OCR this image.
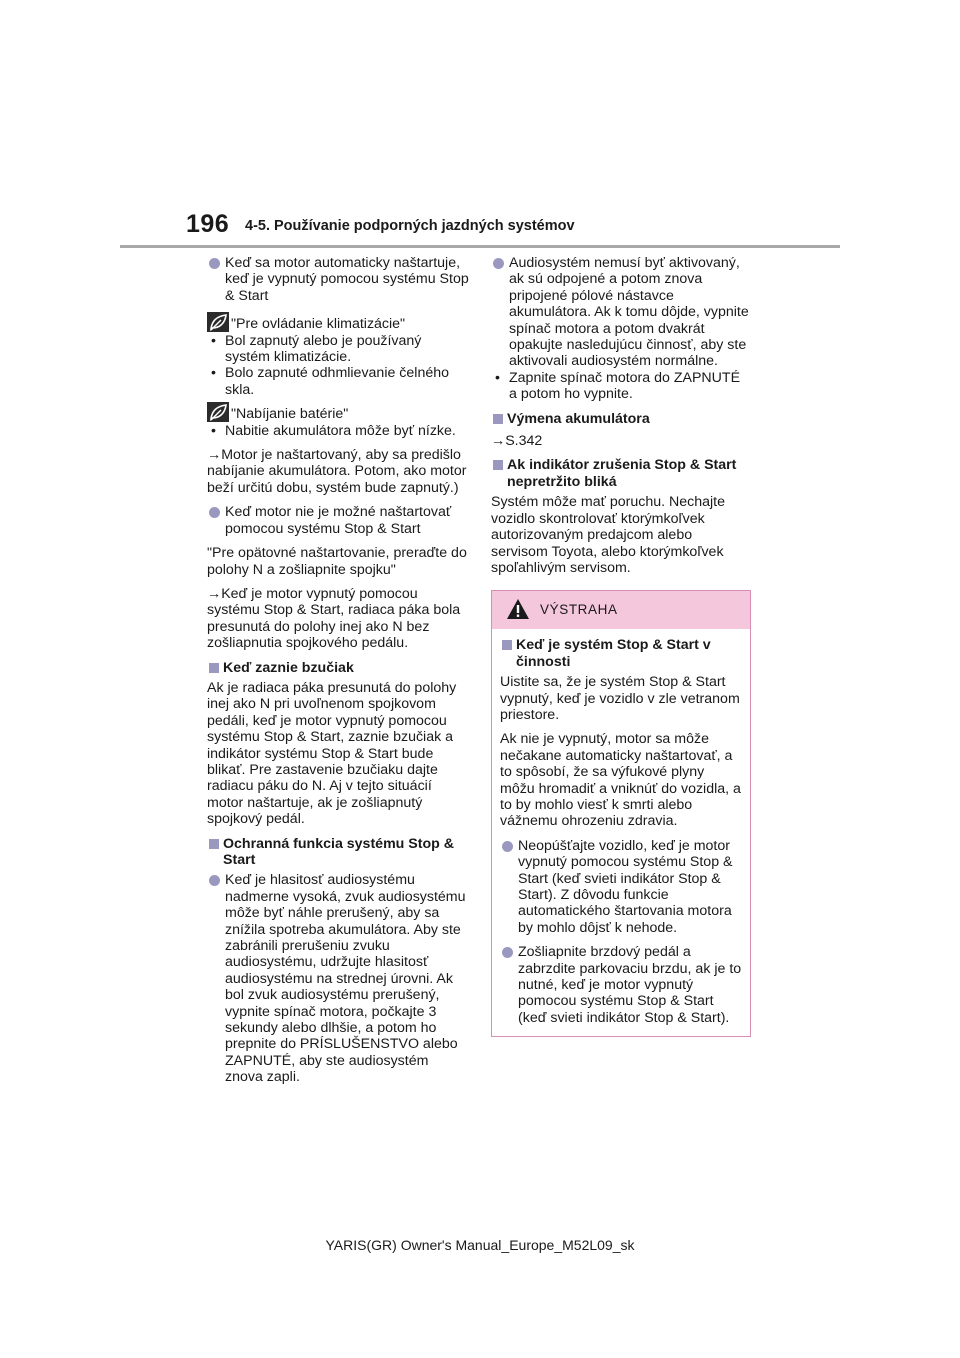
196 4-5. Používanie podporných jazdných systémov
Keď sa motor automaticky naštartuje, keď je vypnutý pomocou systému Stop & Start
"Pre ovládanie klimatizácie"
• Bol zapnutý alebo je používaný systém klimatizácie.
• Bolo zapnuté odhmlievanie čelného skla.
"Nabíjanie batérie"
• Nabitie akumulátora môže byť nízke.
→Motor je naštartovaný, aby sa predišlo nabíjanie akumulátora. Potom, ako motor beží určitú dobu, systém bude zapnutý.)
Keď motor nie je možné naštartovať pomocou systému Stop & Start
"Pre opätovné naštartovanie, preraďte do polohy N a zošliapnite spojku"
→Keď je motor vypnutý pomocou systému Stop & Start, radiaca páka bola presunutá do polohy inej ako N bez zošliapnutia spojkového pedálu.
Keď zaznie bzučiak
Ak je radiaca páka presunutá do polohy inej ako N pri uvoľnenom spojkovom pedáli, keď je motor vypnutý pomocou systému Stop & Start, zaznie bzučiak a indikátor systému Stop & Start bude blikať. Pre zastavenie bzučiaku dajte radiacu páku do N. Aj v tejto situácií motor naštartuje, ak je zošliapnutý spojkový pedál.
Ochranná funkcia systému Stop & Start
Keď je hlasitosť audiosystému nadmerne vysoká, zvuk audiosystému môže byť náhle prerušený, aby sa znížila spotreba akumulátora. Aby ste zabránili prerušeniu zvuku audiosystému, udržujte hlasitosť audiosystému na strednej úrovni. Ak bol zvuk audiosystému prerušený, vypnite spínač motora, počkajte 3 sekundy alebo dlhšie, a potom ho prepnite do PRÍSLUŠENSTVO alebo ZAPNUTÉ, aby ste audiosystém znova zapli.
Audiosystém nemusí byť aktivovaný, ak sú odpojené a potom znova pripojené pólové nástavce akumulátora. Ak k tomu dôjde, vypnite spínač motora a potom dvakrát opakujte nasledujúcu činnosť, aby ste aktivovali audiosystém normálne.
• Zapnite spínač motora do ZAPNUTÉ a potom ho vypnite.
Výmena akumulátora
→S.342
Ak indikátor zrušenia Stop & Start nepretržito bliká
Systém môže mať poruchu. Nechajte vozidlo skontrolovať ktorýmkoľvek autorizovaným predajcom alebo servisom Toyota, alebo ktorýmkoľvek spoľahlivým servisom.
VÝSTRAHA
Keď je systém Stop & Start v činnosti
Uistite sa, že je systém Stop & Start vypnutý, keď je vozidlo v zle vetranom priestore.
Ak nie je vypnutý, motor sa môže nečakane automaticky naštartovať, a to spôsobí, že sa výfukové plyny môžu hromadiť a vniknúť do vozidla, a to by mohlo viesť k smrti alebo vážnemu ohrozeniu zdravia.
Neopúšťajte vozidlo, keď je motor vypnutý pomocou systému Stop & Start (keď svieti indikátor Stop & Start). Z dôvodu funkcie automatického štartovania motora by mohlo dôjsť k nehode.
Zošliapnite brzdový pedál a zabrzdite parkovaciu brzdu, ak je to nutné, keď je motor vypnutý pomocou systému Stop & Start (keď svieti indikátor Stop & Start).
YARIS(GR) Owner's Manual_Europe_M52L09_sk
